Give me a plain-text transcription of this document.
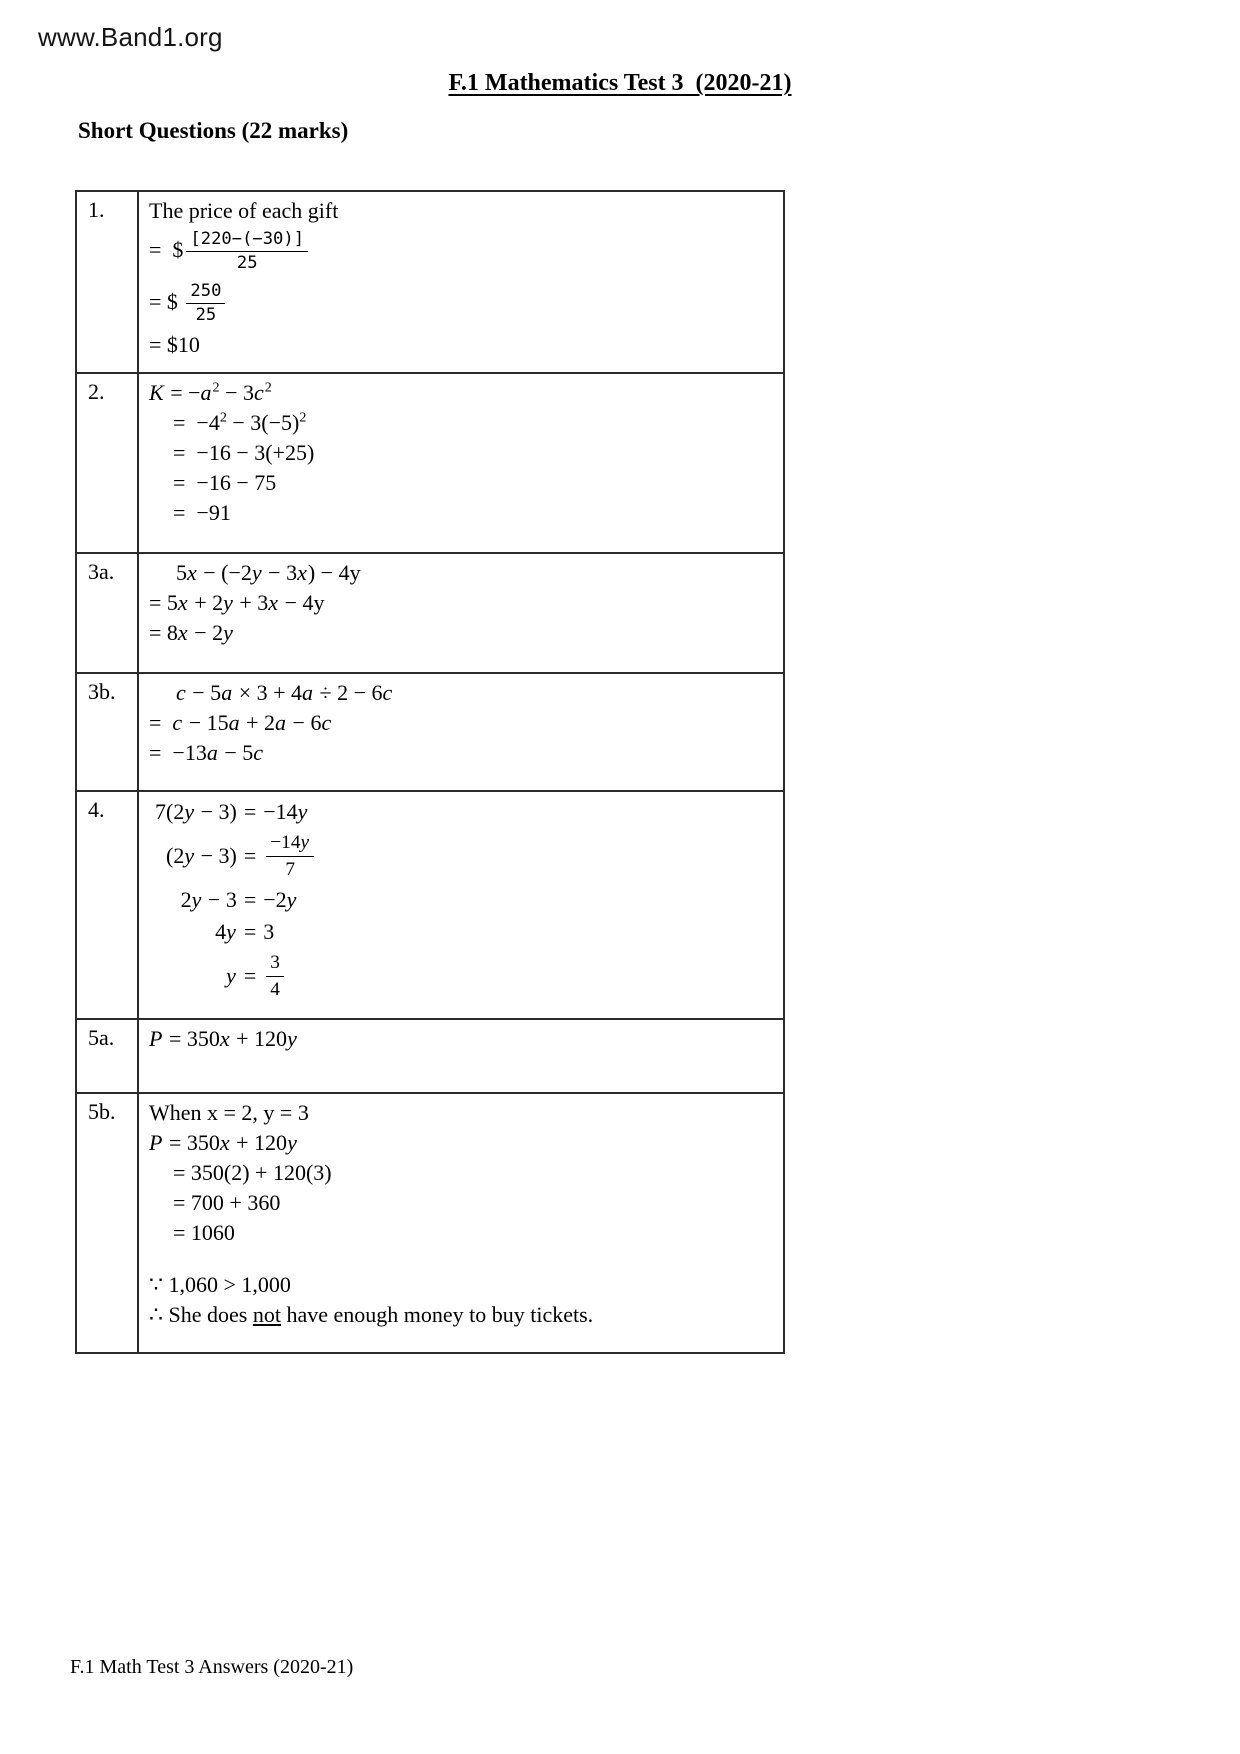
www.Band1.org
F.1 Mathematics Test 3  (2020-21)
Short Questions (22 marks)
1.	The price of each gift
=  $ $\frac{[220-(-30)]}{25}$
= $ $\frac{250}{25}$
= $10

2.	$K = -a^2 - 3c^2$
=  $-4^2 - 3(-5)^2$
=  −16 − 3(+25)
=  −16 − 75
=  −91

3a.	5x − (−2y − 3x) − 4y
= 5x + 2y + 3x − 4y
= 8x − 2y

3b.	c − 5a × 3 + 4a ÷ 2 − 6c
=  c − 15a + 2a − 6c
=  −13a − 5c

4.	7(2 y − 3) = −14 y
(2 $y - 3) = \frac{-14y}{7}$
2 y − 3 = −2 y
4 y = 3
$y = \frac{3}{4}$

5a.	P = 350x + 120y

5b.	When x = 2, y = 3
P = 350x + 120y
= 350(2) + 120(3)
= 700 + 360
= 1060
∵ 1,060 > 1,000
∴ She does not have enough money to buy tickets.
F.1 Math Test 3 Answers (2020-21)
